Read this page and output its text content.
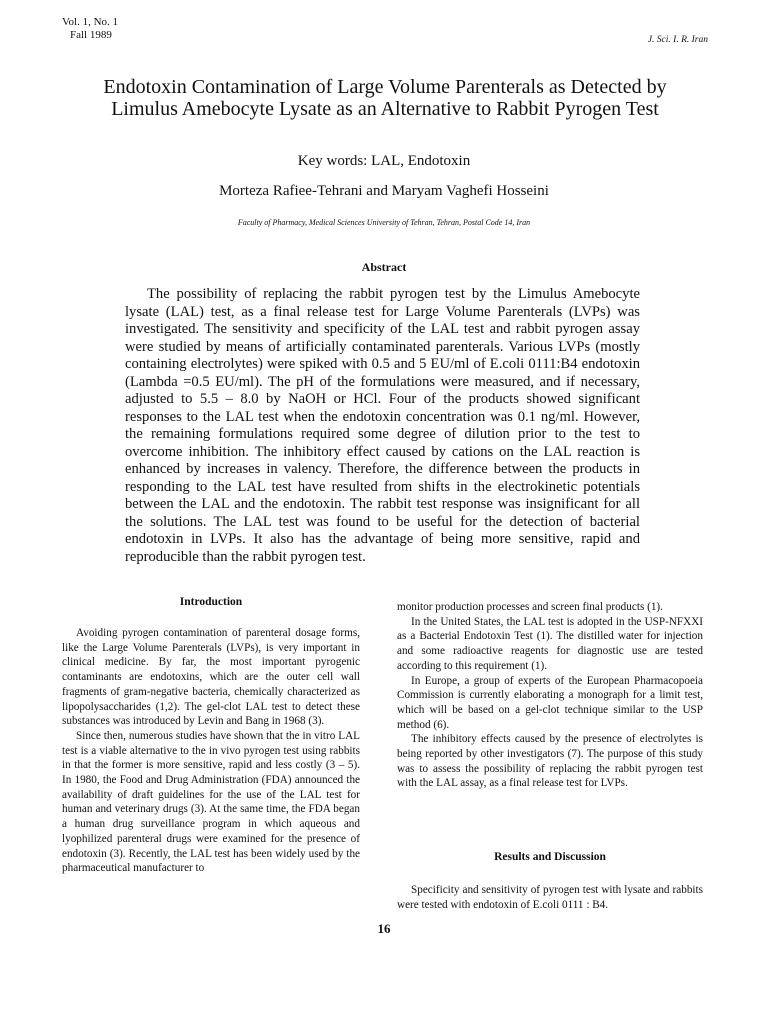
Vol. 1, No. 1
Fall 1989	J. Sci. I. R. Iran
Endotoxin Contamination of Large Volume Parenterals as Detected by Limulus Amebocyte Lysate as an Alternative to Rabbit Pyrogen Test
Key words: LAL, Endotoxin
Morteza Rafiee-Tehrani and Maryam Vaghefi Hosseini
Faculty of Pharmacy, Medical Sciences University of Tehran, Tehran, Postal Code 14, Iran
Abstract
The possibility of replacing the rabbit pyrogen test by the Limulus Amebocyte lysate (LAL) test, as a final release test for Large Volume Parenterals (LVPs) was investigated. The sensitivity and specificity of the LAL test and rabbit pyrogen assay were studied by means of artificially contaminated parenterals. Various LVPs (mostly containing electrolytes) were spiked with 0.5 and 5 EU/ml of E.coli 0111:B4 endotoxin (Lambda =0.5 EU/ml). The pH of the formulations were measured, and if necessary, adjusted to 5.5 – 8.0 by NaOH or HCl. Four of the products showed significant responses to the LAL test when the endotoxin concentration was 0.1 ng/ml. However, the remaining formulations required some degree of dilution prior to the test to overcome inhibition. The inhibitory effect caused by cations on the LAL reaction is enhanced by increases in valency. Therefore, the difference between the products in responding to the LAL test have resulted from shifts in the electrokinetic potentials between the LAL and the endotoxin. The rabbit test response was insignificant for all the solutions. The LAL test was found to be useful for the detection of bacterial endotoxin in LVPs. It also has the advantage of being more sensitive, rapid and reproducible than the rabbit pyrogen test.
Introduction

Avoiding pyrogen contamination of parenteral dosage forms, like the Large Volume Parenterals (LVPs), is very important in clinical medicine. By far, the most important pyrogenic contaminants are endotoxins, which are the outer cell wall fragments of gram-negative bacteria, chemically characterized as lipopolysaccharides (1,2). The gel-clot LAL test to detect these substances was introduced by Levin and Bang in 1968 (3).

Since then, numerous studies have shown that the in vitro LAL test is a viable alternative to the in vivo pyrogen test using rabbits in that the former is more sensitive, rapid and less costly (3 – 5). In 1980, the Food and Drug Administration (FDA) announced the availability of draft guidelines for the use of the LAL test for human and veterinary drugs (3). At the same time, the FDA began a human drug surveillance program in which aqueous and lyophilized parenteral drugs were examined for the presence of endotoxin (3). Recently, the LAL test has been widely used by the pharmaceutical manufacturer to

monitor production processes and screen final products (1).

In the United States, the LAL test is adopted in the USP-NFXXI as a Bacterial Endotoxin Test (1). The distilled water for injection and some radioactive reagents for diagnostic use are tested according to this requirement (1).

In Europe, a group of experts of the European Pharmacopoeia Commission is currently elaborating a monograph for a limit test, which will be based on a gel-clot technique similar to the USP method (6).

The inhibitory effects caused by the presence of electrolytes is being reported by other investigators (7). The purpose of this study was to assess the possibility of replacing the rabbit pyrogen test with the LAL assay, as a final release test for LVPs.

Results and Discussion

Specificity and sensitivity of pyrogen test with lysate and rabbits were tested with endotoxin of E.coli 0111 : B4.

16
